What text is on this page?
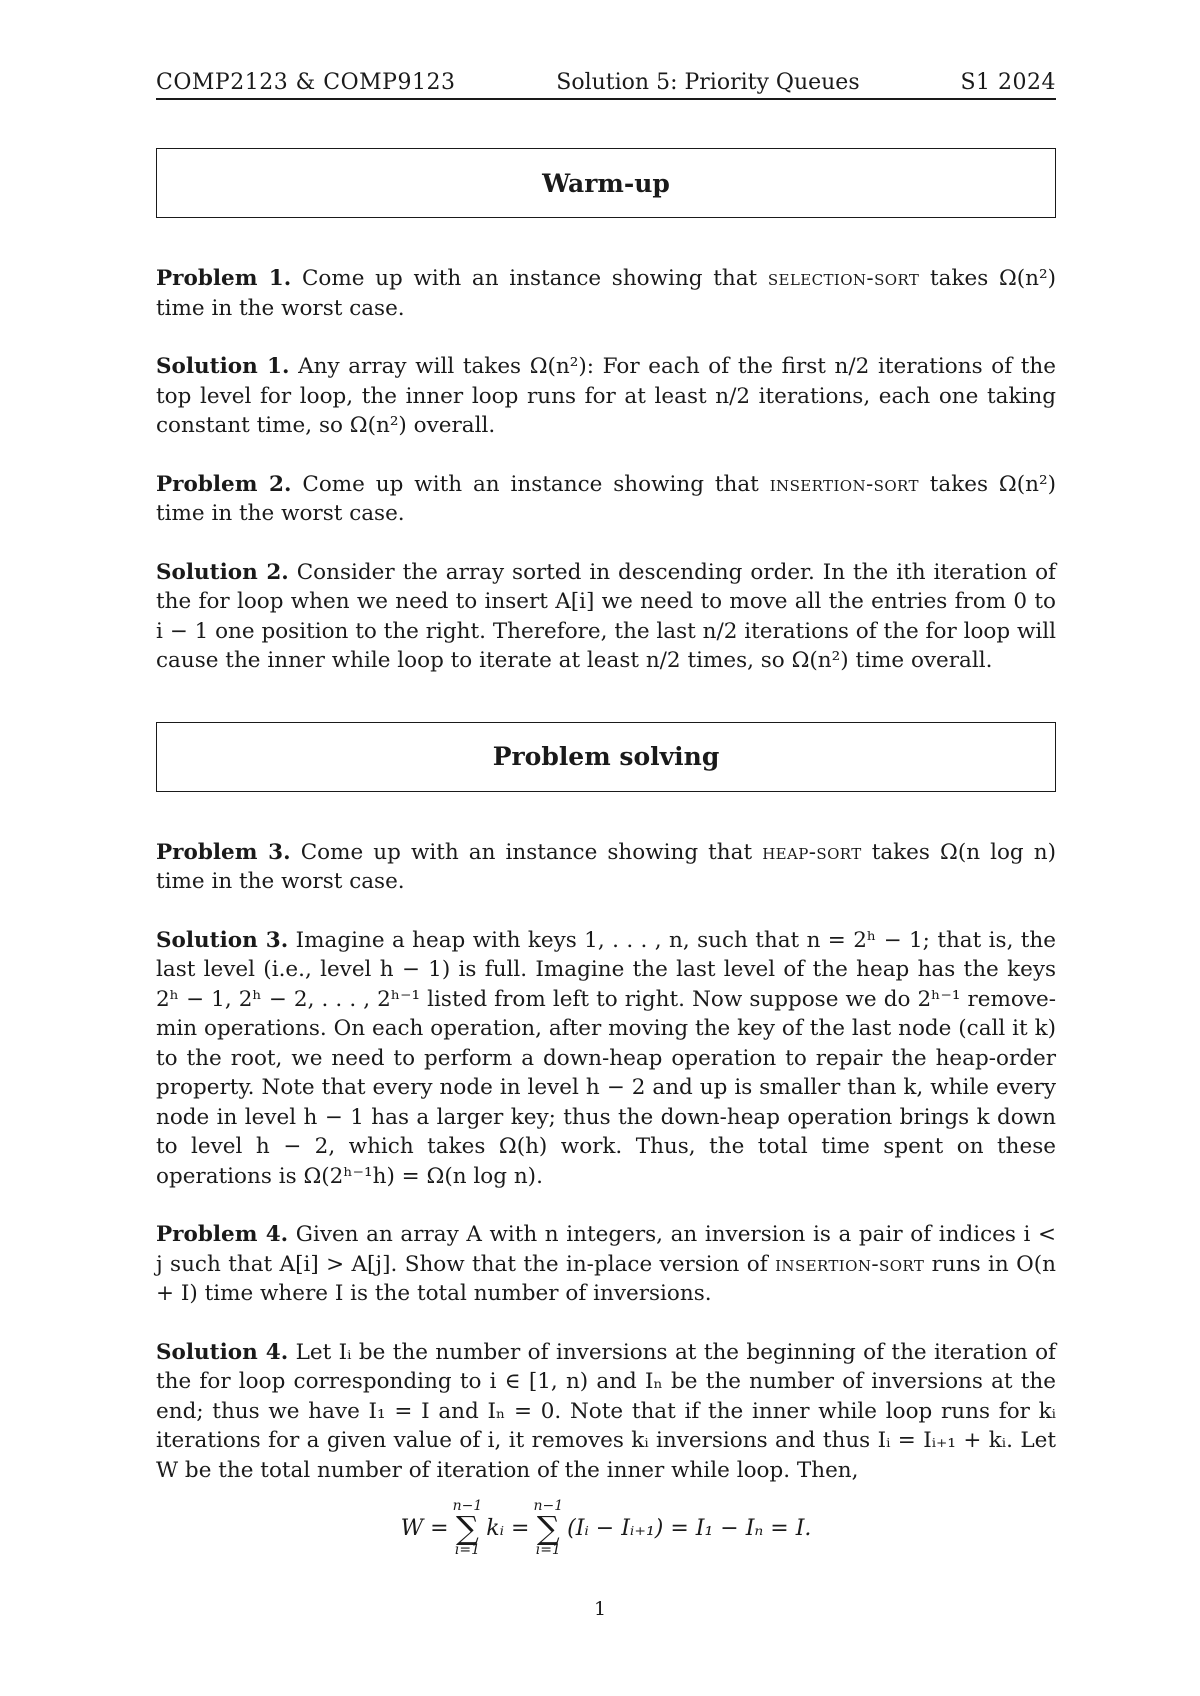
COMP2123 & COMP9123	Solution 5: Priority Queues	S1 2024
Warm-up

Problem 1. Come up with an instance showing that selection-sort takes Ω(n²) time in the worst case.

Solution 1. Any array will takes Ω(n²): For each of the first n/2 iterations of the top level for loop, the inner loop runs for at least n/2 iterations, each one taking constant time, so Ω(n²) overall.

Problem 2. Come up with an instance showing that insertion-sort takes Ω(n²) time in the worst case.

Solution 2. Consider the array sorted in descending order. In the ith iteration of the for loop when we need to insert A[i] we need to move all the entries from 0 to i − 1 one position to the right. Therefore, the last n/2 iterations of the for loop will cause the inner while loop to iterate at least n/2 times, so Ω(n²) time overall.

Problem solving

Problem 3. Come up with an instance showing that heap-sort takes Ω(n log n) time in the worst case.

Solution 3. Imagine a heap with keys 1, . . . , n, such that n = 2ʰ − 1; that is, the last level (i.e., level h − 1) is full. Imagine the last level of the heap has the keys 2ʰ − 1, 2ʰ − 2, . . . , 2ʰ⁻¹ listed from left to right. Now suppose we do 2ʰ⁻¹ remove-min operations. On each operation, after moving the key of the last node (call it k) to the root, we need to perform a down-heap operation to repair the heap-order property. Note that every node in level h − 2 and up is smaller than k, while every node in level h − 1 has a larger key; thus the down-heap operation brings k down to level h − 2, which takes Ω(h) work. Thus, the total time spent on these operations is Ω(2ʰ⁻¹h) = Ω(n log n).

Problem 4. Given an array A with n integers, an inversion is a pair of indices i < j such that A[i] > A[j]. Show that the in-place version of insertion-sort runs in O(n + I) time where I is the total number of inversions.

Solution 4. Let Iᵢ be the number of inversions at the beginning of the iteration of the for loop corresponding to i ∈ [1, n) and Iₙ be the number of inversions at the end; thus we have I₁ = I and Iₙ = 0. Note that if the inner while loop runs for kᵢ iterations for a given value of i, it removes kᵢ inversions and thus Iᵢ = Iᵢ₊₁ + kᵢ. Let W be the total number of iteration of the inner while loop. Then,

W =
n−1
∑
i=1
kᵢ =
n−1
∑
i=1
(Iᵢ − Iᵢ₊₁) = I₁ − Iₙ = I.
1
